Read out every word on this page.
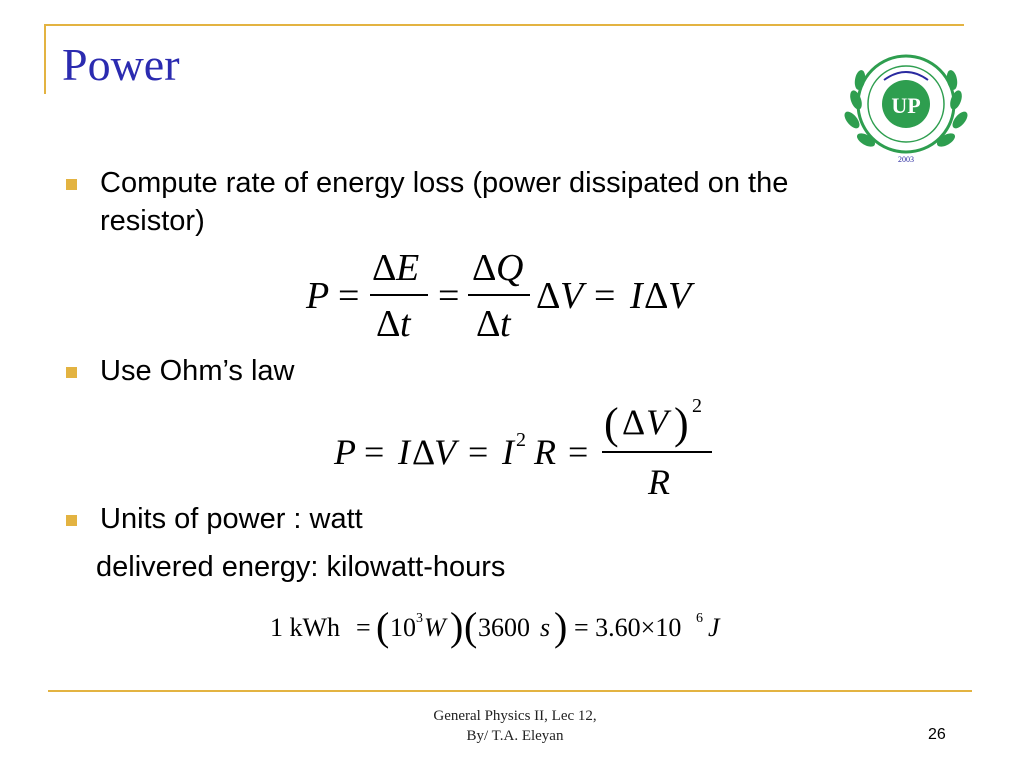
Power
UP
2003
Compute rate of energy loss (power dissipated on the
resistor)
P =
Δ E
Δ t
=
Δ Q
Δ t
Δ V = I Δ V
Use Ohm’s law
P = I Δ
V = I 2 R =
( Δ V ) 2
R
Units of power : watt
delivered energy: kilowatt-hours
1 kWh = ( 10 3 W ) ( 3600 s ) = 3.60×10 6 J
General Physics II, Lec 12,
By/ T.A. Eleyan	26
